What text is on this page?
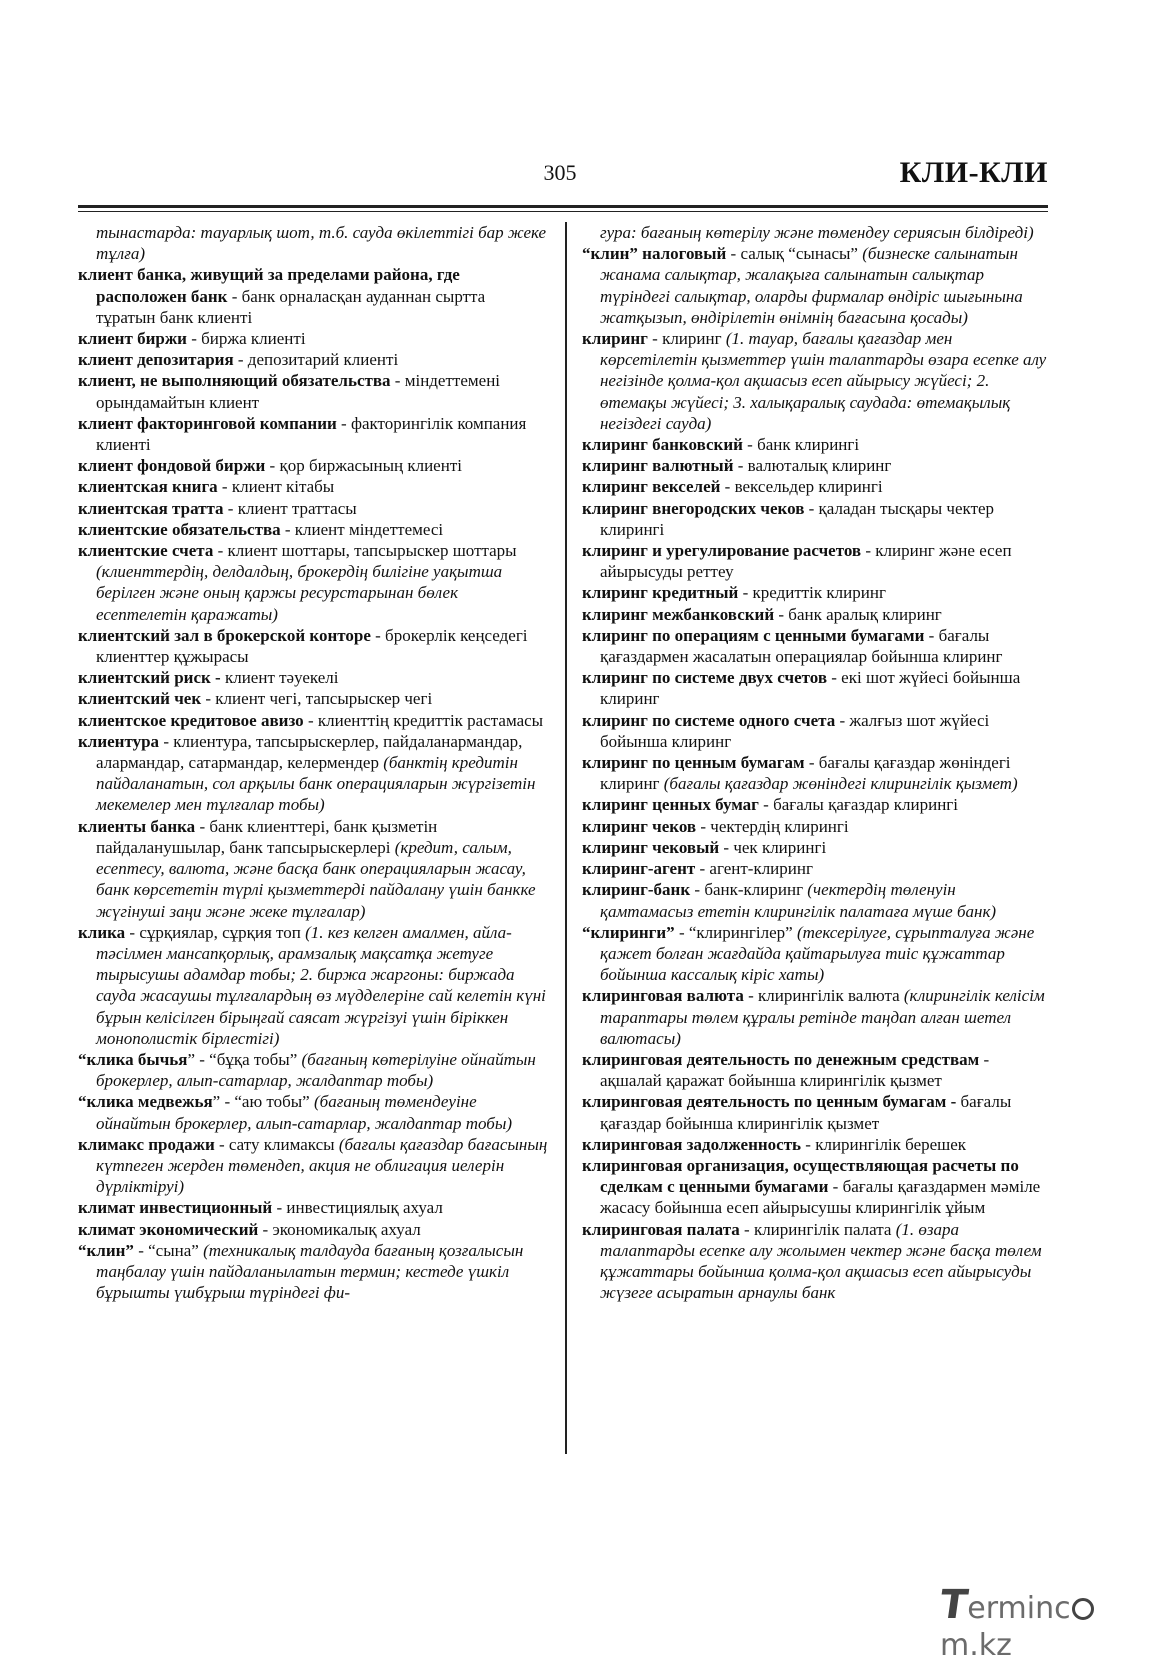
305	КЛИ-КЛИ

тынастарда: тауарлық шот, т.б. сауда өкілеттігі бар жеке тұлға)

клиент банка, живущий за пределами района, где расположен банк - банк орналасқан ауданнан сыртта тұратын банк клиенті

клиент биржи - биржа клиенті

клиент депозитария - депозитарий клиенті

клиент, не выполняющий обязательства - міндеттемені орындамайтын клиент

клиент факторинговой компании - факторингілік компания клиенті

клиент фондовой биржи - қор биржасының клиенті

клиентская книга - клиент кітабы

клиентская тратта - клиент траттасы

клиентские обязательства - клиент міндеттемесі

клиентские счета - клиент шоттары, тапсырыскер шоттары (клиенттердің, делдалдың, брокердің билігіне уақытша берілген және оның қаржы ресурстарынан бөлек есептелетін қаражаты)

клиентский зал в брокерской конторе - брокерлік кеңседегі клиенттер құжырасы

клиентский риск - клиент тәуекелі

клиентский чек - клиент чегі, тапсырыскер чегі

клиентское кредитовое авизо - клиенттің кредиттік растамасы

клиентура - клиентура, тапсырыскерлер, пайдаланармандар, алармандар, сатармандар, келермендер (банктің кредитін пайдаланатын, сол арқылы банк операцияларын жүргізетін мекемелер мен тұлғалар тобы)

клиенты банка - банк клиенттері, банк қызметін пайдаланушылар, банк тапсырыскерлері (кредит, салым, есептесу, валюта, және басқа банк операцияларын жасау, банк көрсететін түрлі қызметтерді пайдалану үшін банкке жүгінуші заңи және жеке тұлғалар)

клика - сұрқиялар, сұрқия топ (1. кез келген амалмен, айла-тәсілмен мансапқорлық, арамзалық мақсатқа жетуге тырысушы адамдар тобы; 2. биржа жаргоны: биржада сауда жасаушы тұлғалардың өз мүдделеріне сай келетін күні бұрын келісілген бірыңғай саясат жүргізуі үшін біріккен монополистік бірлестігі)

“клика бычья” - “бұқа тобы” (бағаның көтерілуіне ойнайтын брокерлер, алып-сатарлар, жалдаптар тобы)

“клика медвежья” - “аю тобы” (бағаның төмендеуіне ойнайтын брокерлер, алып-сатарлар, жалдаптар тобы)

климакс продажи - сату климаксы (бағалы қағаздар бағасының күтпеген жерден төмендеп, акция не облигация иелерін дүрліктіруі)

климат инвестиционный - инвестициялық ахуал

климат экономический - экономикалық ахуал

“клин” - “сына” (техникалық талдауда бағаның қозғалысын таңбалау үшін пайдаланылатын термин; кестеде үшкіл бұрышты үшбұрыш түріндегі фи-

гура: бағаның көтерілу және төмендеу сериясын білдіреді)

“клин” налоговый - салық “сынасы” (бизнеске салынатын жанама салықтар, жалақыға салынатын салықтар түріндегі салықтар, оларды фирмалар өндіріс шығынына жатқызып, өндірілетін өнімнің бағасына қосады)

клиринг - клиринг (1. тауар, бағалы қағаздар мен көрсетілетін қызметтер үшін талаптарды өзара есепке алу негізінде қолма-қол ақшасыз есеп айырысу жүйесі; 2. өтемақы жүйесі; 3. халықаралық саудада: өтемақылық негіздегі сауда)

клиринг банковский - банк клирингі

клиринг валютный - валюталық клиринг

клиринг векселей - вексельдер клирингі

клиринг внегородских чеков - қаладан тысқары чектер клирингі

клиринг и урегулирование расчетов - клиринг және есеп айырысуды реттеу

клиринг кредитный - кредиттік клиринг

клиринг межбанковский - банк аралық клиринг

клиринг по операциям с ценными бумагами - бағалы қағаздармен жасалатын операциялар бойынша клиринг

клиринг по системе двух счетов - екі шот жүйесі бойынша клиринг

клиринг по системе одного счета - жалғыз шот жүйесі бойынша клиринг

клиринг по ценным бумагам - бағалы қағаздар жөніндегі клиринг (бағалы қағаздар жөніндегі клирингілік қызмет)

клиринг ценных бумаг - бағалы қағаздар клирингі

клиринг чеков - чектердің клирингі

клиринг чековый - чек клирингі

клиринг-агент - агент-клиринг

клиринг-банк - банк-клиринг (чектердің төленуін қамтамасыз ететін клирингілік палатаға мүше банк)

“клиринги” - “клирингілер” (тексерілуге, сұрыпталуға және қажет болған жағдайда қайтарылуға тиіс құжаттар бойынша кассалық кіріс хаты)

клиринговая валюта - клирингілік валюта (клирингілік келісім тараптары төлем құралы ретінде таңдап алған шетел валютасы)

клиринговая деятельность по денежным средствам - ақшалай қаражат бойынша клирингілік қызмет

клиринговая деятельность по ценным бумагам - бағалы қағаздар бойынша клирингілік қызмет

клиринговая задолженность - клирингілік берешек

клиринговая организация, осуществляющая расчеты по сделкам с ценными бумагами - бағалы қағаздармен мәміле жасасу бойынша есеп айырысушы клирингілік ұйым

клиринговая палата - клирингілік палата (1. өзара талаптарды есепке алу жолымен чектер және басқа төлем құжаттары бойынша қолма-қол ақшасыз есеп айырысуды жүзеге асыратын арнаулы банк

Termincm.kz
